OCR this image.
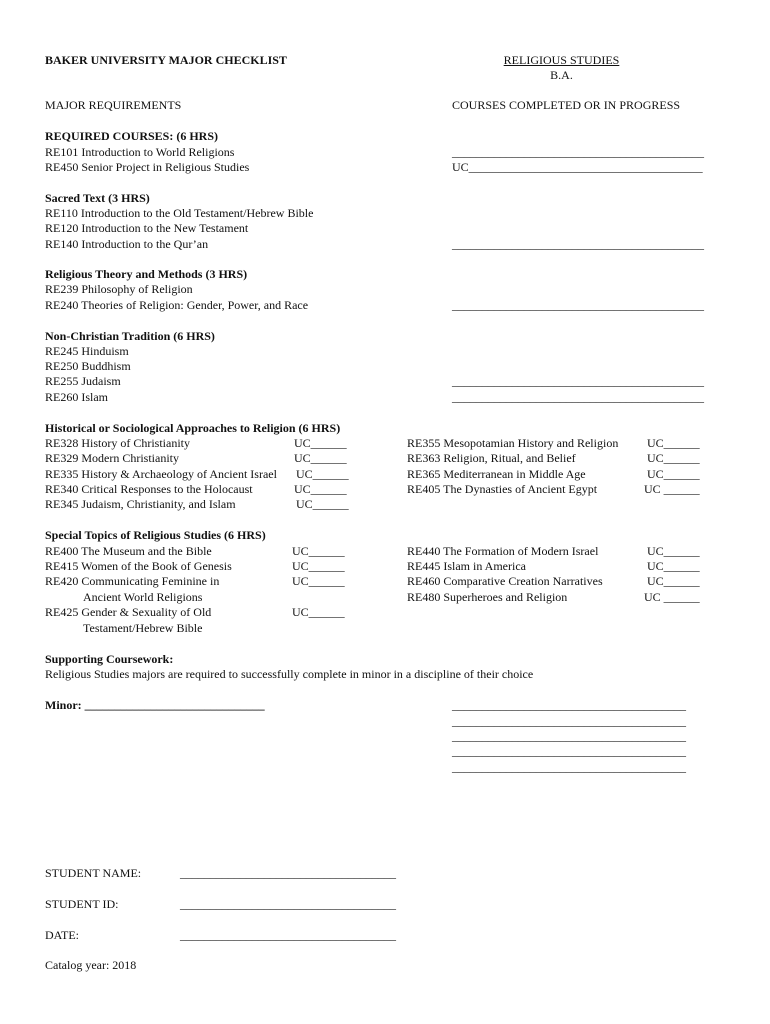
BAKER UNIVERSITY MAJOR CHECKLIST	RELIGIOUS STUDIES
B.A.
MAJOR REQUIREMENTS	COURSES COMPLETED OR IN PROGRESS
REQUIRED COURSES: (6 HRS)
RE101 Introduction to World Religions
RE450 Senior Project in Religious Studies
__________________________________________
UC_______________________________________
Sacred Text (3 HRS)
RE110 Introduction to the Old Testament/Hebrew Bible
RE120 Introduction to the New Testament
RE140 Introduction to the Qur’an	__________________________________________
Religious Theory and Methods (3 HRS)
RE239 Philosophy of Religion
RE240 Theories of Religion: Gender, Power, and Race	__________________________________________
Non-Christian Tradition (6 HRS)
RE245 Hinduism
RE250 Buddhism
RE255 Judaism
RE260 Islam
__________________________________________
__________________________________________
Historical or Sociological Approaches to Religion (6 HRS)
RE328 History of Christianity	UC______
RE329 Modern Christianity	UC______
RE335 History & Archaeology of Ancient Israel UC______
RE340 Critical Responses to the Holocaust	UC______
RE345 Judaism, Christianity, and Islam	UC______
RE355 Mesopotamian History and Religion UC______
RE363 Religion, Ritual, and Belief	UC______
RE365 Mediterranean in Middle Age	UC______
RE405 The Dynasties of Ancient Egypt	UC ______
Special Topics of Religious Studies (6 HRS)
RE400 The Museum and the Bible	UC______
RE415 Women of the Book of Genesis	UC______
RE420 Communicating Feminine in	UC______
Ancient World Religions
RE425 Gender & Sexuality of Old	UC______
Testament/Hebrew Bible
RE440 The Formation of Modern Israel	UC______
RE445 Islam in America	UC______
RE460 Comparative Creation Narratives	UC______
RE480 Superheroes and Religion	UC ______
Supporting Coursework:
Religious Studies majors are required to successfully complete in minor in a discipline of their choice
Minor: ______________________________	_______________________________________
_______________________________________
_______________________________________
_______________________________________
_______________________________________
STUDENT NAME:	____________________________________
STUDENT ID:	____________________________________
DATE:	____________________________________
Catalog year: 2018
